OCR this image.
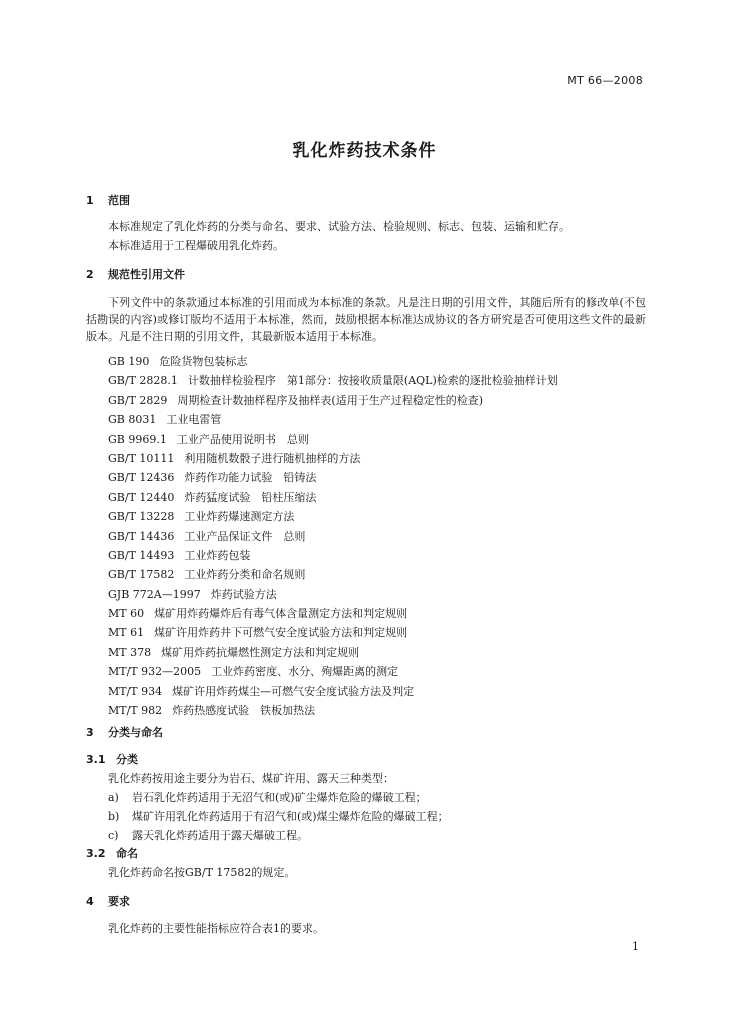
MT 66—2008
乳化炸药技术条件
1 范围
本标准规定了乳化炸药的分类与命名、要求、试验方法、检验规则、标志、包装、运输和贮存。
本标准适用于工程爆破用乳化炸药。
2 规范性引用文件
下列文件中的条款通过本标准的引用而成为本标准的条款。凡是注日期的引用文件，其随后所有的修改单(不包括勘误的内容)或修订版均不适用于本标准，然而，鼓励根据本标准达成协议的各方研究是否可使用这些文件的最新版本。凡是不注日期的引用文件，其最新版本适用于本标准。
GB 190 危险货物包装标志
GB/T 2828.1 计数抽样检验程序　第1部分：按接收质量限(AQL)检索的逐批检验抽样计划
GB/T 2829 周期检查计数抽样程序及抽样表(适用于生产过程稳定性的检查)
GB 8031 工业电雷管
GB 9969.1 工业产品使用说明书　总则
GB/T 10111 利用随机数骰子进行随机抽样的方法
GB/T 12436 炸药作功能力试验　铅铸法
GB/T 12440 炸药猛度试验　铅柱压缩法
GB/T 13228 工业炸药爆速测定方法
GB/T 14436 工业产品保证文件　总则
GB/T 14493 工业炸药包装
GB/T 17582 工业炸药分类和命名规则
GJB 772A—1997 炸药试验方法
MT 60 煤矿用炸药爆炸后有毒气体含量测定方法和判定规则
MT 61 煤矿许用炸药井下可燃气安全度试验方法和判定规则
MT 378 煤矿用炸药抗爆燃性测定方法和判定规则
MT/T 932—2005 工业炸药密度、水分、殉爆距离的测定
MT/T 934 煤矿许用炸药煤尘—可燃气安全度试验方法及判定
MT/T 982 炸药热感度试验　铁板加热法
3 分类与命名
3.1 分类
乳化炸药按用途主要分为岩石、煤矿许用、露天三种类型：
a) 岩石乳化炸药适用于无沼气和(或)矿尘爆炸危险的爆破工程；
b) 煤矿许用乳化炸药适用于有沼气和(或)煤尘爆炸危险的爆破工程；
c) 露天乳化炸药适用于露天爆破工程。
3.2 命名
乳化炸药命名按GB/T 17582的规定。
4 要求
乳化炸药的主要性能指标应符合表1的要求。
1
